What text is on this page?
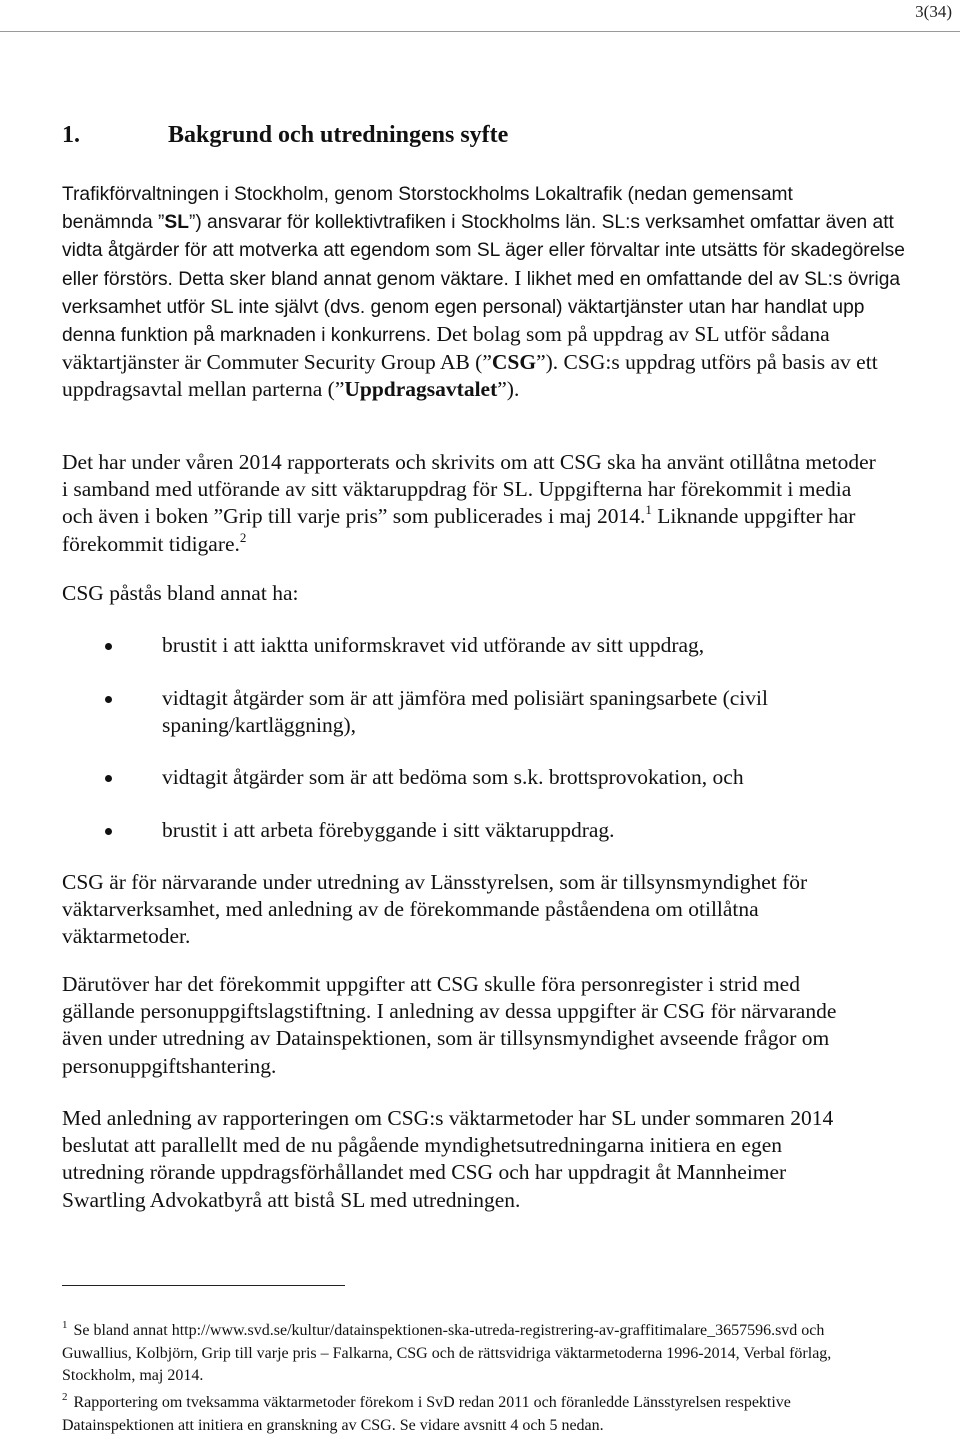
3(34)
1.	Bakgrund och utredningens syfte

Trafikförvaltningen i Stockholm, genom Storstockholms Lokaltrafik (nedan gemensamt
benämnda ”SL”) ansvarar för kollektivtrafiken i Stockholms län. SL:s verksamhet omfattar även att vidta åtgärder för att motverka att egendom som SL äger eller förvaltar inte utsätts för skadegörelse eller förstörs. Detta sker bland annat genom väktare. I likhet med en omfattande del av SL:s övriga verksamhet utför SL inte självt (dvs. genom egen personal) väktartjänster utan har handlat upp denna funktion på marknaden i konkurrens. Det bolag som på uppdrag av SL utför sådana väktartjänster är Commuter Security Group AB (”CSG”). CSG:s uppdrag utförs på basis av ett uppdragsavtal mellan parterna (”Uppdragsavtalet”).

Det har under våren 2014 rapporterats och skrivits om att CSG ska ha använt otillåtna metoder i samband med utförande av sitt väktaruppdrag för SL. Uppgifterna har förekommit i media och även i boken ”Grip till varje pris” som publicerades i maj 2014.$^1$ Liknande uppgifter har förekommit tidigare.$^2$

CSG påstås bland annat ha:

brustit i att iaktta uniformskravet vid utförande av sitt uppdrag,
vidtagit åtgärder som är att jämföra med polisiärt spaningsarbete (civil spaning/kartläggning),
vidtagit åtgärder som är att bedöma som s.k. brottsprovokation, och
brustit i att arbeta förebyggande i sitt väktaruppdrag.

CSG är för närvarande under utredning av Länsstyrelsen, som är tillsynsmyndighet för väktarverksamhet, med anledning av de förekommande påståendena om otillåtna väktarmetoder.

Därutöver har det förekommit uppgifter att CSG skulle föra personregister i strid med gällande personuppgiftslagstiftning. I anledning av dessa uppgifter är CSG för närvarande även under utredning av Datainspektionen, som är tillsynsmyndighet avseende frågor om personuppgiftshantering.

Med anledning av rapporteringen om CSG:s väktarmetoder har SL under sommaren 2014 beslutat att parallellt med de nu pågående myndighetsutredningarna initiera en egen utredning rörande uppdragsförhållandet med CSG och har uppdragit åt Mannheimer Swartling Advokatbyrå att bistå SL med utredningen.

$^1$ Se bland annat http://www.svd.se/kultur/datainspektionen-ska-utreda-registrering-av-graffitimalare_3657596.svd och Guwallius, Kolbjörn, Grip till varje pris – Falkarna, CSG och de rättsvidriga väktarmetoderna 1996-2014, Verbal förlag, Stockholm, maj 2014.

$^2$ Rapportering om tveksamma väktarmetoder förekom i SvD redan 2011 och föranledde Länsstyrelsen respektive Datainspektionen att initiera en granskning av CSG. Se vidare avsnitt 4 och 5 nedan.
